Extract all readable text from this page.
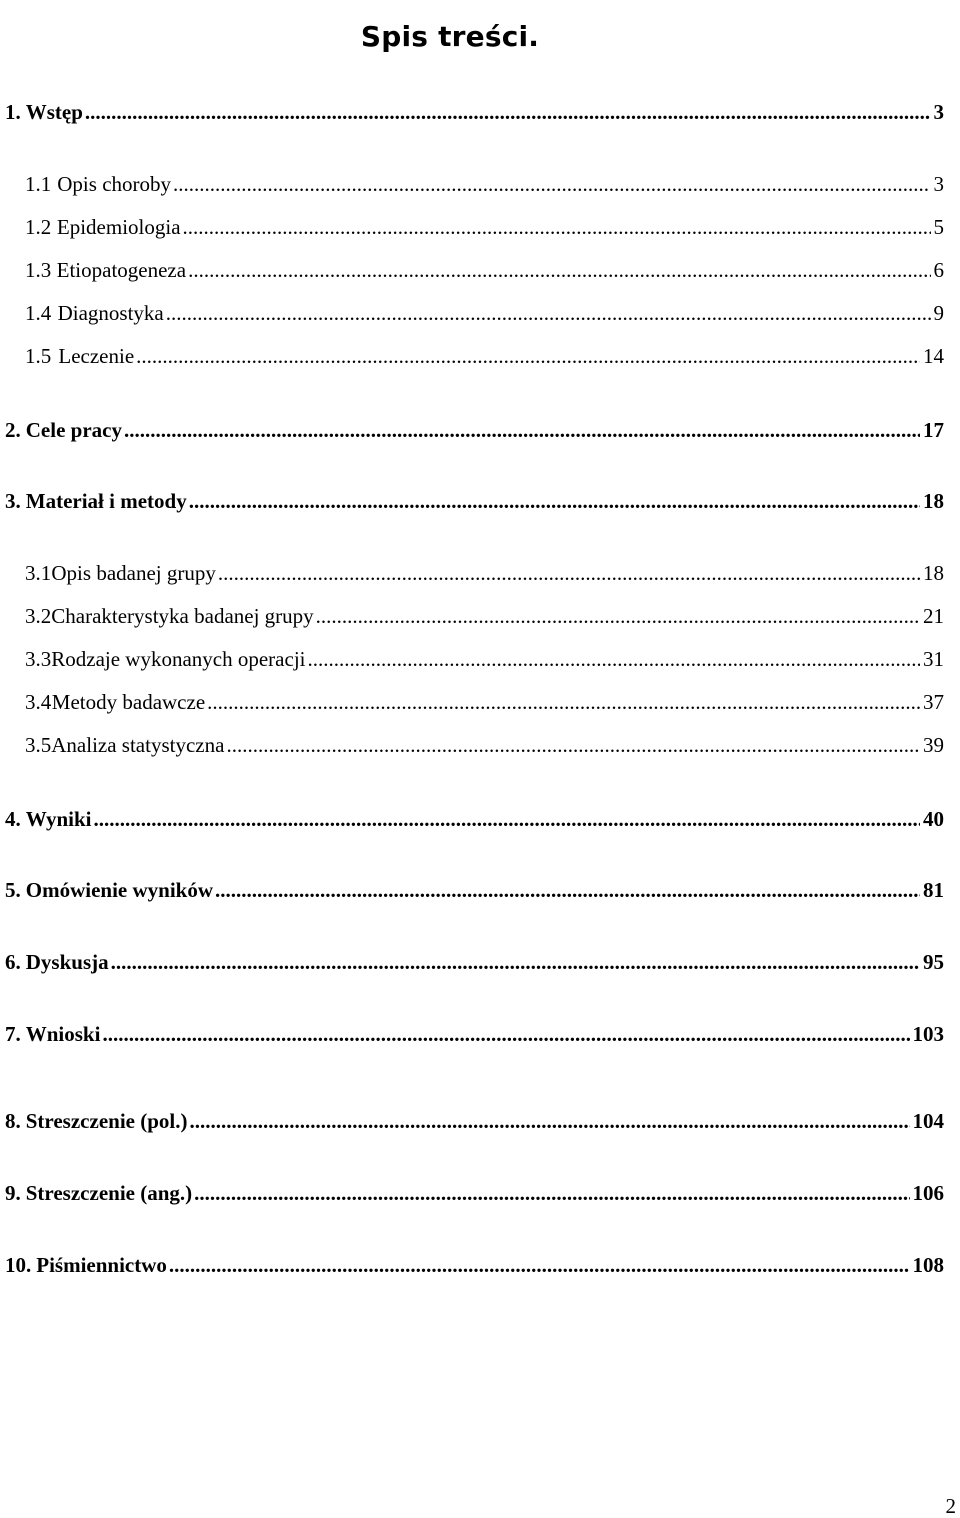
Spis treści.
1. Wstęp .....	3
1.1 Opis choroby .....	3
1.2 Epidemiologia .....	5
1.3 Etiopatogeneza .....	6
1.4 Diagnostyka .....	9
1.5 Leczenie .....	14
2. Cele pracy .....	17
3. Materiał i metody .....	18
3.1 Opis badanej grupy .....	18
3.2 Charakterystyka badanej grupy .....	21
3.3 Rodzaje wykonanych operacji .....	31
3.4 Metody badawcze .....	37
3.5 Analiza statystyczna .....	39
4. Wyniki .....	40
5. Omówienie wyników .....	81
6. Dyskusja .....	95
7. Wnioski .....	103
8. Streszczenie (pol.) .....	104
9. Streszczenie (ang.) .....	106
10. Piśmiennictwo .....	108
2
